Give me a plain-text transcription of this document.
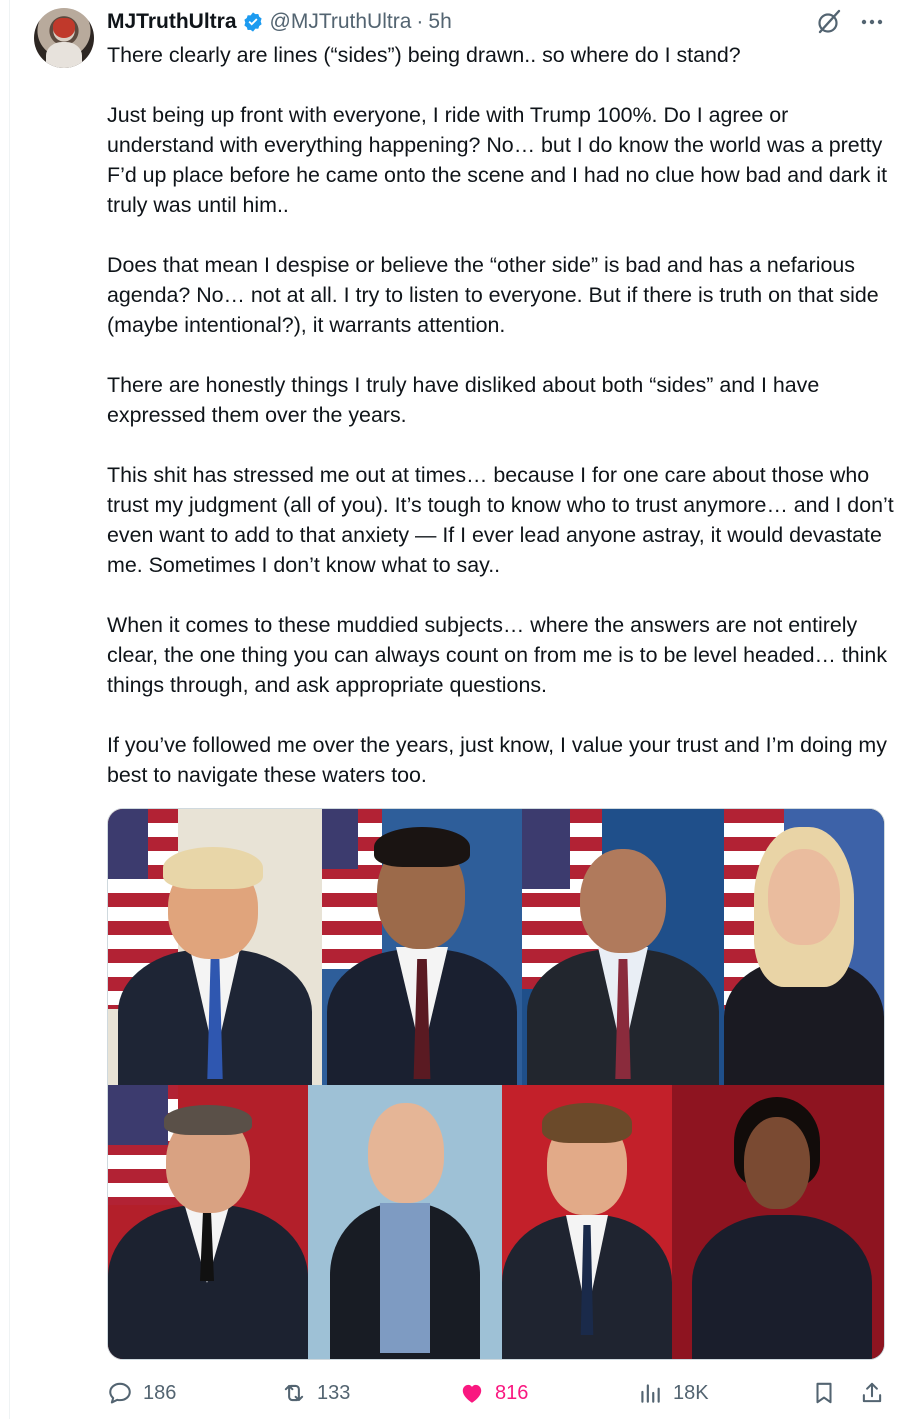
MJTruthUltra @MJTruthUltra · 5h

There clearly are lines (“sides”) being drawn.. so where do I stand?

Just being up front with everyone, I ride with Trump 100%. Do I agree or understand with everything happening? No… but I do know the world was a pretty F’d up place before he came onto the scene and I had no clue how bad and dark it truly was until him..

Does that mean I despise or believe the “other side” is bad and has a nefarious agenda? No… not at all. I try to listen to everyone. But if there is truth on that side (maybe intentional?), it warrants attention.

There are honestly things I truly have disliked about both “sides” and I have expressed them over the years.

This shit has stressed me out at times… because I for one care about those who trust my judgment (all of you). It’s tough to know who to trust anymore… and I don’t even want to add to that anxiety — If I ever lead anyone astray, it would devastate me. Sometimes I don’t know what to say..

When it comes to these muddied subjects… where the answers are not entirely clear, the one thing you can always count on from me is to be level headed… think things through, and ask appropriate questions.

If you’ve followed me over the years, just know, I value your trust and I’m doing my best to navigate these waters too.

186	133	816	18K
